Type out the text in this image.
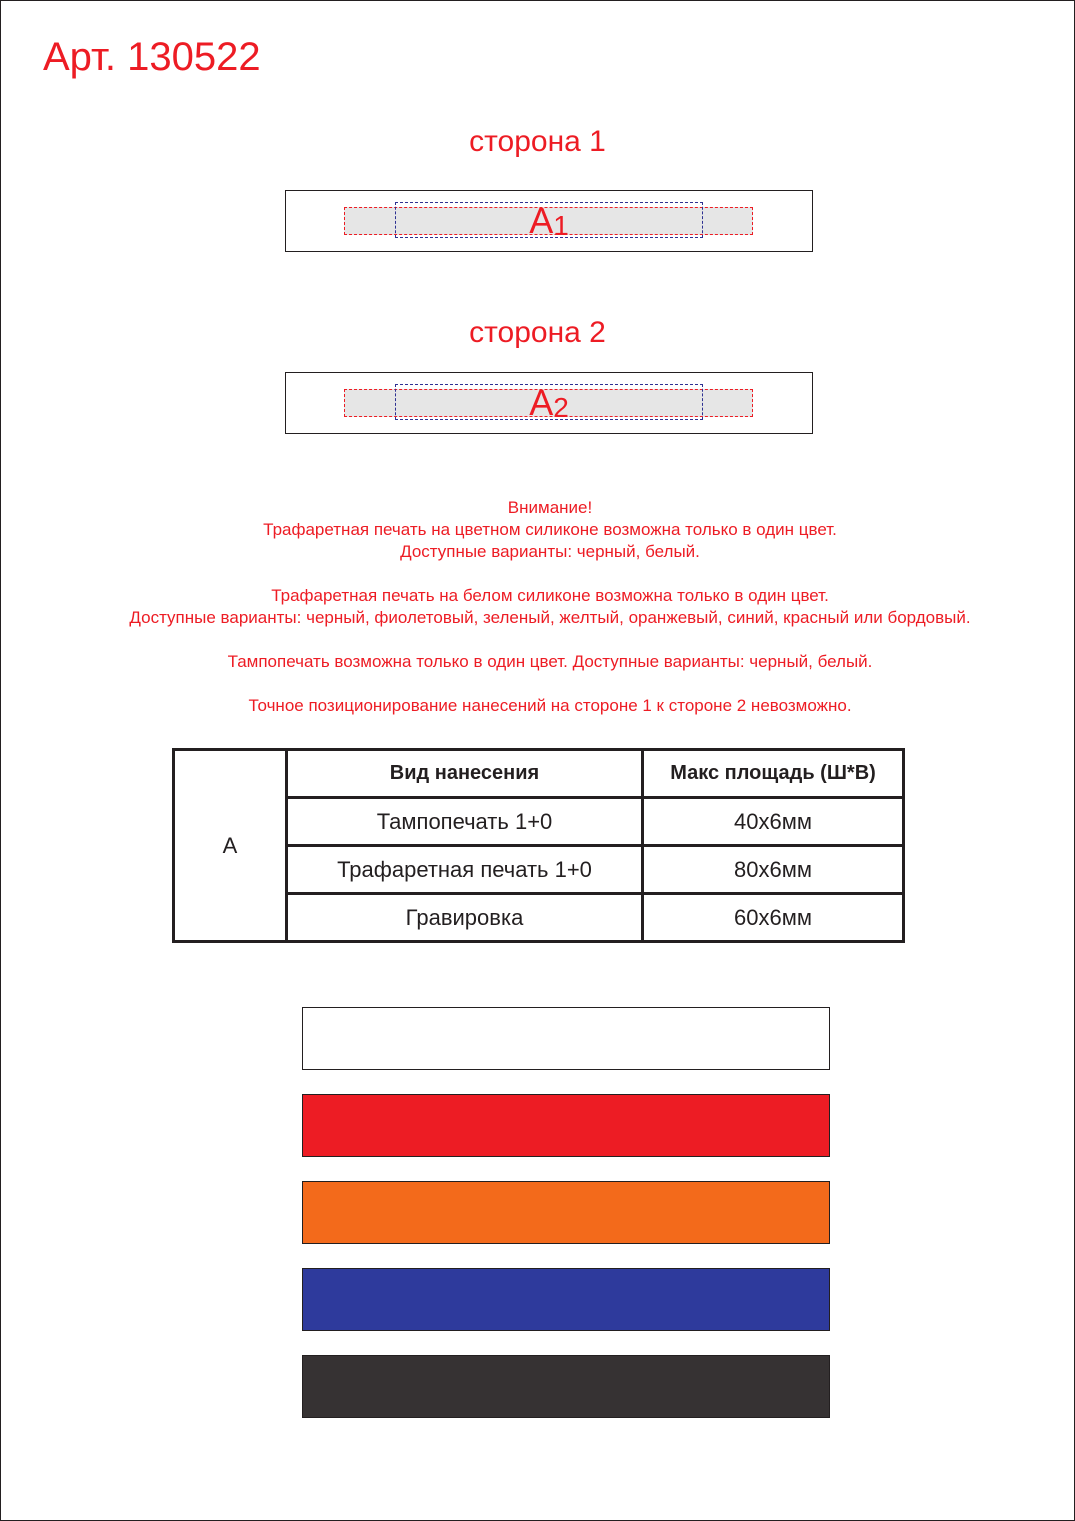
Арт. 130522
сторона 1
$A_1$
сторона 2
$A_2$
Внимание!
Трафаретная печать на цветном силиконе возможна только в один цвет.
Доступные варианты: черный, белый.
Трафаретная печать на белом силиконе возможна только в один цвет.
Доступные варианты: черный, фиолетовый, зеленый, желтый, оранжевый, синий, красный или бордовый.
Тампопечать возможна только в один цвет. Доступные варианты: черный, белый.
Точное позиционирование нанесений на стороне 1 к стороне 2 невозможно.
A	Вид нанесения	Макс площадь (Ш*В)
	Тампопечать 1+0	40х6мм
	Трафаретная печать 1+0	80х6мм
	Гравировка	60х6мм
